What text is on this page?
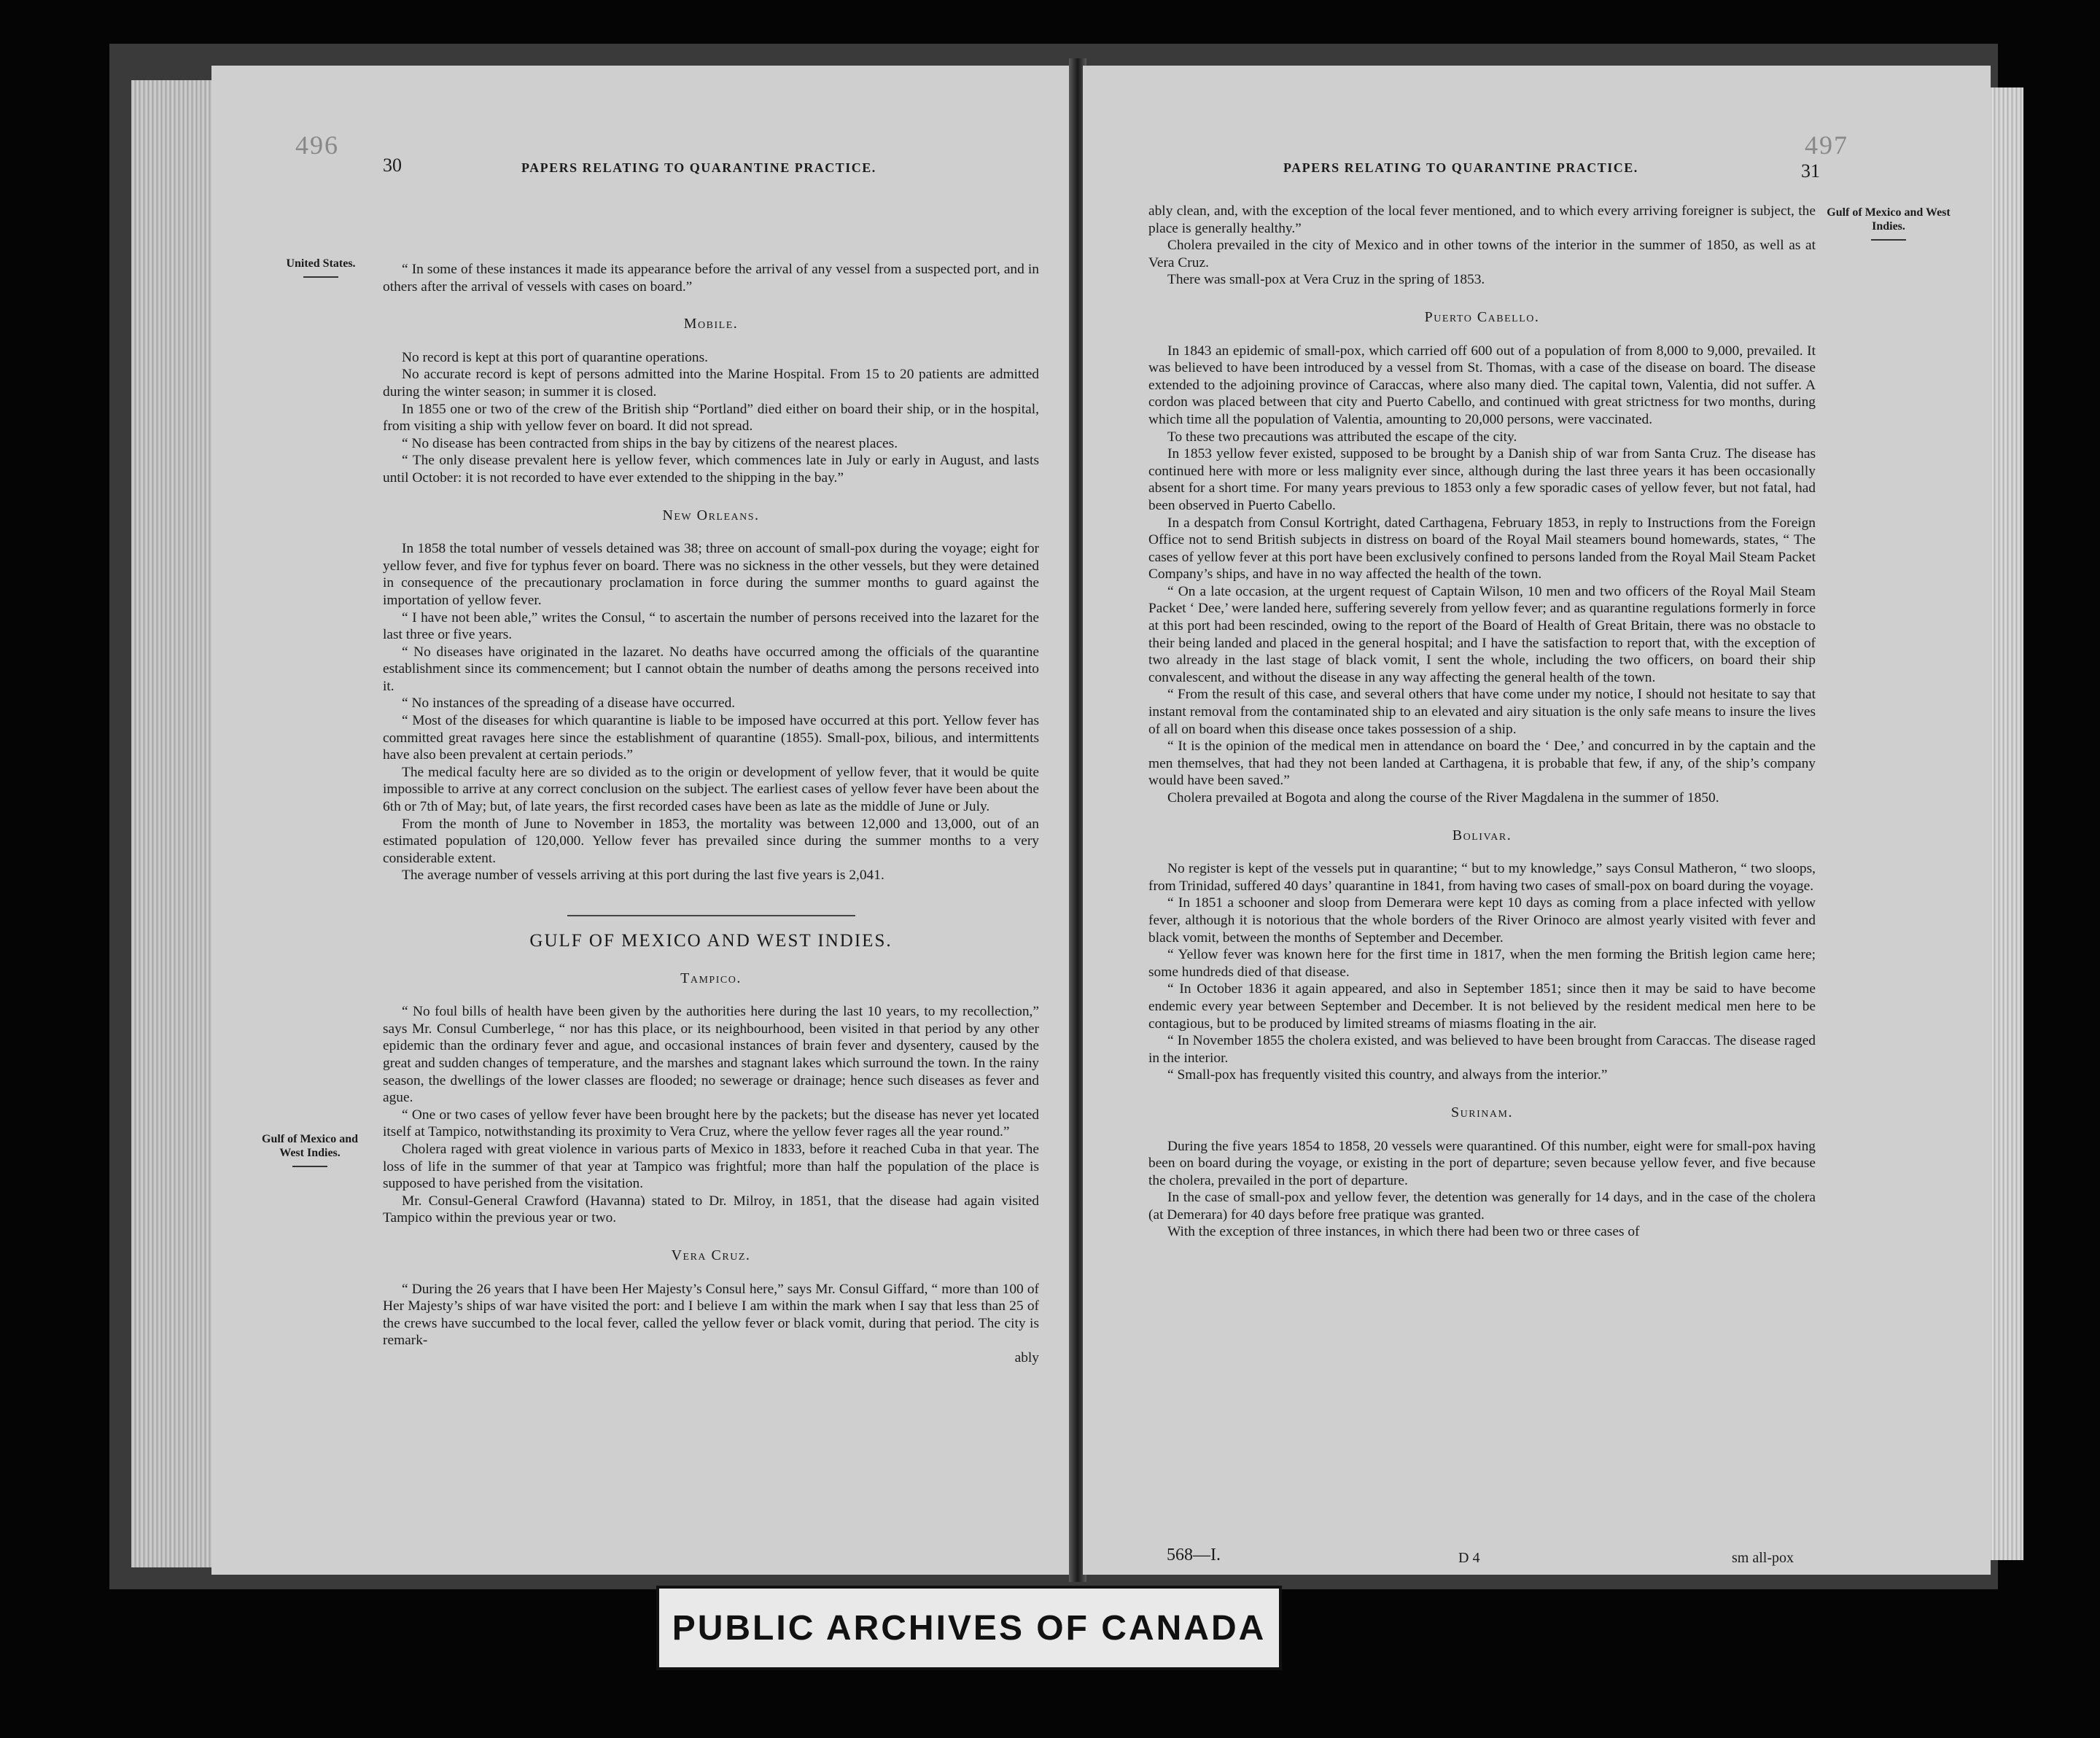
496
30	PAPERS RELATING TO QUARANTINE PRACTICE.
United States.
Gulf of Mexico and West Indies.

“ In some of these instances it made its appearance before the arrival of any vessel from a suspected port, and in others after the arrival of vessels with cases on board.”

Mobile.

No record is kept at this port of quarantine operations.

No accurate record is kept of persons admitted into the Marine Hospital. From 15 to 20 patients are admitted during the winter season; in summer it is closed.

In 1855 one or two of the crew of the British ship “Portland” died either on board their ship, or in the hospital, from visiting a ship with yellow fever on board. It did not spread.

“ No disease has been contracted from ships in the bay by citizens of the nearest places.

“ The only disease prevalent here is yellow fever, which commences late in July or early in August, and lasts until October: it is not recorded to have ever extended to the shipping in the bay.”

New Orleans.

In 1858 the total number of vessels detained was 38; three on account of small-pox during the voyage; eight for yellow fever, and five for typhus fever on board. There was no sickness in the other vessels, but they were detained in consequence of the precautionary proclamation in force during the summer months to guard against the importation of yellow fever.

“ I have not been able,” writes the Consul, “ to ascertain the number of persons received into the lazaret for the last three or five years.

“ No diseases have originated in the lazaret. No deaths have occurred among the officials of the quarantine establishment since its commencement; but I cannot obtain the number of deaths among the persons received into it.

“ No instances of the spreading of a disease have occurred.

“ Most of the diseases for which quarantine is liable to be imposed have occurred at this port. Yellow fever has committed great ravages here since the establishment of quarantine (1855). Small-pox, bilious, and intermittents have also been prevalent at certain periods.”

The medical faculty here are so divided as to the origin or development of yellow fever, that it would be quite impossible to arrive at any correct conclusion on the subject. The earliest cases of yellow fever have been about the 6th or 7th of May; but, of late years, the first recorded cases have been as late as the middle of June or July.

From the month of June to November in 1853, the mortality was between 12,000 and 13,000, out of an estimated population of 120,000. Yellow fever has prevailed since during the summer months to a very considerable extent.

The average number of vessels arriving at this port during the last five years is 2,041.

GULF OF MEXICO AND WEST INDIES.
Tampico.

“ No foul bills of health have been given by the authorities here during the last 10 years, to my recollection,” says Mr. Consul Cumberlege, “ nor has this place, or its neighbourhood, been visited in that period by any other epidemic than the ordinary fever and ague, and occasional instances of brain fever and dysentery, caused by the great and sudden changes of temperature, and the marshes and stagnant lakes which surround the town. In the rainy season, the dwellings of the lower classes are flooded; no sewerage or drainage; hence such diseases as fever and ague.

“ One or two cases of yellow fever have been brought here by the packets; but the disease has never yet located itself at Tampico, notwithstanding its proximity to Vera Cruz, where the yellow fever rages all the year round.”

Cholera raged with great violence in various parts of Mexico in 1833, before it reached Cuba in that year. The loss of life in the summer of that year at Tampico was frightful; more than half the population of the place is supposed to have perished from the visitation.

Mr. Consul-General Crawford (Havanna) stated to Dr. Milroy, in 1851, that the disease had again visited Tampico within the previous year or two.

Vera Cruz.

“ During the 26 years that I have been Her Majesty’s Consul here,” says Mr. Consul Giffard, “ more than 100 of Her Majesty’s ships of war have visited the port: and I believe I am within the mark when I say that less than 25 of the crews have succumbed to the local fever, called the yellow fever or black vomit, during that period. The city is remark-

ably

497
PAPERS RELATING TO QUARANTINE PRACTICE.	31
Gulf of Mexico and West Indies.

ably clean, and, with the exception of the local fever mentioned, and to which every arriving foreigner is subject, the place is generally healthy.”

Cholera prevailed in the city of Mexico and in other towns of the interior in the summer of 1850, as well as at Vera Cruz.

There was small-pox at Vera Cruz in the spring of 1853.

Puerto Cabello.

In 1843 an epidemic of small-pox, which carried off 600 out of a population of from 8,000 to 9,000, prevailed. It was believed to have been introduced by a vessel from St. Thomas, with a case of the disease on board. The disease extended to the adjoining province of Caraccas, where also many died. The capital town, Valentia, did not suffer. A cordon was placed between that city and Puerto Cabello, and continued with great strictness for two months, during which time all the population of Valentia, amounting to 20,000 persons, were vaccinated.

To these two precautions was attributed the escape of the city.

In 1853 yellow fever existed, supposed to be brought by a Danish ship of war from Santa Cruz. The disease has continued here with more or less malignity ever since, although during the last three years it has been occasionally absent for a short time. For many years previous to 1853 only a few sporadic cases of yellow fever, but not fatal, had been observed in Puerto Cabello.

In a despatch from Consul Kortright, dated Carthagena, February 1853, in reply to Instructions from the Foreign Office not to send British subjects in distress on board of the Royal Mail steamers bound homewards, states, “ The cases of yellow fever at this port have been exclusively confined to persons landed from the Royal Mail Steam Packet Company’s ships, and have in no way affected the health of the town.

“ On a late occasion, at the urgent request of Captain Wilson, 10 men and two officers of the Royal Mail Steam Packet ‘ Dee,’ were landed here, suffering severely from yellow fever; and as quarantine regulations formerly in force at this port had been rescinded, owing to the report of the Board of Health of Great Britain, there was no obstacle to their being landed and placed in the general hospital; and I have the satisfaction to report that, with the exception of two already in the last stage of black vomit, I sent the whole, including the two officers, on board their ship convalescent, and without the disease in any way affecting the general health of the town.

“ From the result of this case, and several others that have come under my notice, I should not hesitate to say that instant removal from the contaminated ship to an elevated and airy situation is the only safe means to insure the lives of all on board when this disease once takes possession of a ship.

“ It is the opinion of the medical men in attendance on board the ‘ Dee,’ and concurred in by the captain and the men themselves, that had they not been landed at Carthagena, it is probable that few, if any, of the ship’s company would have been saved.”

Cholera prevailed at Bogota and along the course of the River Magdalena in the summer of 1850.

Bolivar.

No register is kept of the vessels put in quarantine; “ but to my knowledge,” says Consul Matheron, “ two sloops, from Trinidad, suffered 40 days’ quarantine in 1841, from having two cases of small-pox on board during the voyage.

“ In 1851 a schooner and sloop from Demerara were kept 10 days as coming from a place infected with yellow fever, although it is notorious that the whole borders of the River Orinoco are almost yearly visited with fever and black vomit, between the months of September and December.

“ Yellow fever was known here for the first time in 1817, when the men forming the British legion came here; some hundreds died of that disease.

“ In October 1836 it again appeared, and also in September 1851; since then it may be said to have become endemic every year between September and December. It is not believed by the resident medical men here to be contagious, but to be produced by limited streams of miasms floating in the air.

“ In November 1855 the cholera existed, and was believed to have been brought from Caraccas. The disease raged in the interior.

“ Small-pox has frequently visited this country, and always from the interior.”

Surinam.

During the five years 1854 to 1858, 20 vessels were quarantined. Of this number, eight were for small-pox having been on board during the voyage, or existing in the port of departure; seven because yellow fever, and five because the cholera, prevailed in the port of departure.

In the case of small-pox and yellow fever, the detention was generally for 14 days, and in the case of the cholera (at Demerara) for 40 days before free pratique was granted.

With the exception of three instances, in which there had been two or three cases of

568—I.	D 4	sm all-pox
PUBLIC ARCHIVES OF CANADA
